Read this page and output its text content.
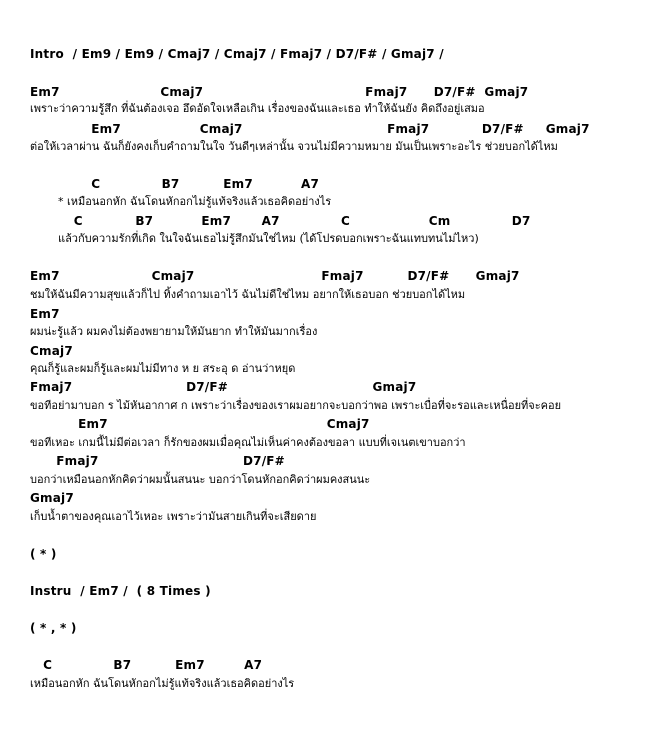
Intro  / Em9 / Em9 / Cmaj7 / Cmaj7 / Fmaj7 / D7/F# / Gmaj7 /
Em7                       Cmaj7                                     Fmaj7      D7/F#  Gmaj7
เพราะว่าความรู้สึก ที่ฉันต้องเจอ อึดอัดใจเหลือเกิน เรื่องของฉันและเธอ ทำให้ฉันยัง คิดถึงอยู่เสมอ
Em7                  Cmaj7                                 Fmaj7            D7/F#     Gmaj7
ต่อให้เวลาผ่าน ฉันก็ยังคงเก็บคำถามในใจ วันดีๆเหล่านั้น จวนไม่มีความหมาย มันเป็นเพราะอะไร ช่วยบอกได้ไหม
C              B7          Em7           A7
* เหมือนอกหัก ฉันโดนหักอกไม่รู้แท้จริงแล้วเธอคิดอย่างไร
C            B7           Em7       A7              C                  Cm              D7
แล้วกับความรักที่เกิด ในใจฉันเธอไม่รู้สึกมันใช่ไหม (ได้โปรดบอกเพราะฉันแทบทนไม่ไหว)
Em7                     Cmaj7                             Fmaj7          D7/F#      Gmaj7
ชมให้ฉันมีความสุขแล้วก็ไป ทิ้งคำถามเอาไว้ ฉันไม่ดีใช่ไหม อยากให้เธอบอก ช่วยบอกได้ไหม
Em7
ผมน่ะรู้แล้ว ผมคงไม่ต้องพยายามให้มันยาก ทำให้มันมากเรื่อง
Cmaj7
คุณก็รู้และผมก็รู้และผมไม่มีทาง ห ย สระอุ ด อ่านว่าหยุด
Fmaj7                          D7/F#                                 Gmaj7
ขอทีอย่ามาบอก ร ไม้หันอากาศ ก เพราะว่าเรื่องของเราผมอยากจะบอกว่าพอ เพราะเบื่อที่จะรอและเหนื่อยที่จะคอย
Em7                                                  Cmaj7
ขอทีเหอะ เกมนี้ไม่มีต่อเวลา ก็รักของผมเมื่อคุณไม่เห็นค่าคงต้องขอลา แบบที่เจเนตเขาบอกว่า
Fmaj7                                 D7/F#
บอกว่าเหมือนอกหักคิดว่าผมนั้นสนนะ บอกว่าโดนหักอกคิดว่าผมคงสนนะ
Gmaj7
เก็บน้ำตาของคุณเอาไว้เหอะ เพราะว่ามันสายเกินที่จะเสียดาย
( * )
Instru  / Em7 /  ( 8 Times )
( * , * )
C              B7          Em7         A7
เหมือนอกหัก ฉันโดนหักอกไม่รู้แท้จริงแล้วเธอคิดอย่างไร
